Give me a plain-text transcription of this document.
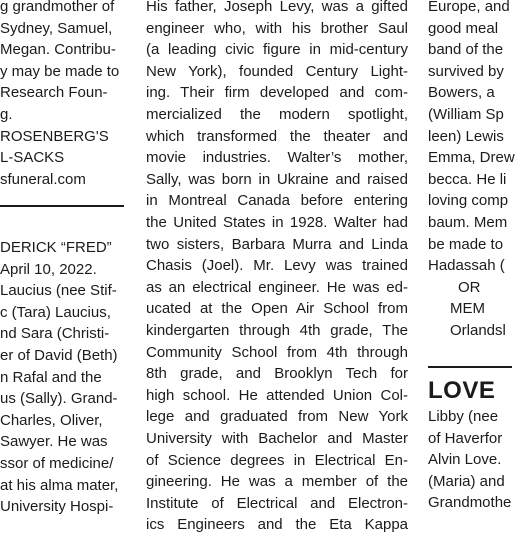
g grandmother of
Sydney, Samuel,
Megan. Contribu-
y may be made to
Research Foun-
g.
ROSENBERG'S
L-SACKS
sfuneral.com
DERICK “FRED”
April 10, 2022.
Laucius (nee Stif-
c (Tara) Laucius,
nd Sara (Christi-
er of David (Beth)
n Rafal and the
us (Sally). Grand-
Charles, Oliver,
Sawyer. He was
ssor of medicine/
at his alma mater,
University Hospi-
His father, Joseph Levy, was a gifted
engineer who, with his brother Saul
(a leading civic figure in mid-century
New York), founded Century Light-
ing. Their firm developed and com-
mercialized the modern spotlight,
which transformed the theater and
movie industries. Walter’s mother,
Sally, was born in Ukraine and raised
in Montreal Canada before entering
the United States in 1928. Walter had
two sisters, Barbara Murra and Linda
Chasis (Joel). Mr. Levy was trained
as an electrical engineer. He was ed-
ucated at the Open Air School from
kindergarten through 4th grade, The
Community School from 4th through
8th grade, and Brooklyn Tech for
high school. He attended Union Col-
lege and graduated from New York
University with Bachelor and Master
of Science degrees in Electrical En-
gineering. He was a member of the
Institute of Electrical and Electron-
ics Engineers and the Eta Kappa
Europe, and
good meal
band of the
survived by
Bowers, a
(William Sp
leen) Lewis
Emma, Drew
becca. He li
loving comp
baum. Mem
be made to
Hadassah (
OR
MEM
Orlandsl
LOVE
Libby (nee
of Haverfor
Alvin Love.
(Maria) and
Grandmothe
